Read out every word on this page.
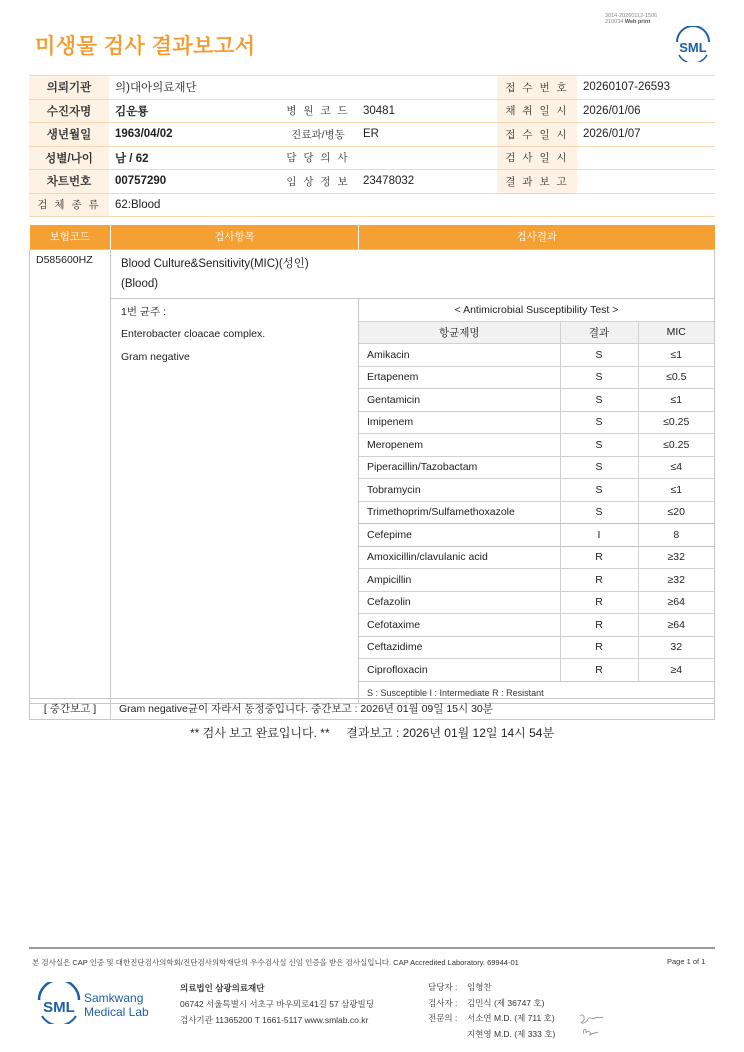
미생물 검사 결과보고서
3014-20260112-1506
210034 Web print
SML
의뢰기관	의)대아의료재단			접 수 번 호	20260107-26593
수진자명	김운룡	병 원 코 드	30481	채 취 일 시	2026/01/06
생년월일	1963/04/02	진료과/병동	ER	접 수 일 시	2026/01/07
성별/나이	남 / 62	담 당 의 사		검 사 일 시	
차트번호	00757290	임 상 정 보	23478032	결 과 보 고	
검 체 종 류	62:Blood				
보험코드	검사항목	검사결과
D585600HZ	Blood Culture&Sensitivity(MIC)(성인)
(Blood)

1번 균주 :
Enterobacter cloacae complex.
Gram negative

< Antimicrobial Susceptibility Test >
항균제명	결과	MIC
Amikacin	S	≤1
Ertapenem	S	≤0.5
Gentamicin	S	≤1
Imipenem	S	≤0.25
Meropenem	S	≤0.25
Piperacillin/Tazobactam	S	≤4
Tobramycin	S	≤1
Trimethoprim/Sulfamethoxazole	S	≤20
Cefepime	I	8
Amoxicillin/clavulanic acid	R	≥32
Ampicillin	R	≥32
Cefazolin	R	≥64
Cefotaxime	R	≥64
Ceftazidime	R	32
Ciprofloxacin	R	≥4
S : Susceptible I : Intermediate R : Resistant
[ 중간보고 ]	Gram negative균이 자라서 동정중입니다. 중간보고 : 2026년 01월 09일 15시 30분
** 검사 보고 완료입니다. **     결과보고 : 2026년 01월 12일 14시 54분
본 검사실은 CAP 인증 및 대한진단검사의학회/진단검사의학재단의 우수검사실 신임 인증을 받은 검사실입니다. CAP Accredited Laboratory. 69944-01	Page 1 of 1
SML
Samkwang
Medical Lab
의료법인 삼광의료재단
06742 서울특별시 서초구 바우뫼로41길 57 삼광빌딩
검사기관 11365200 T 1661-5117 www.smlab.co.kr
담당자 :	임형찬
검사자 :	김민식 (제 36747 호)
전문의 :	서소연 M.D. (제 711 호)
지현영 M.D. (제 333 호)
